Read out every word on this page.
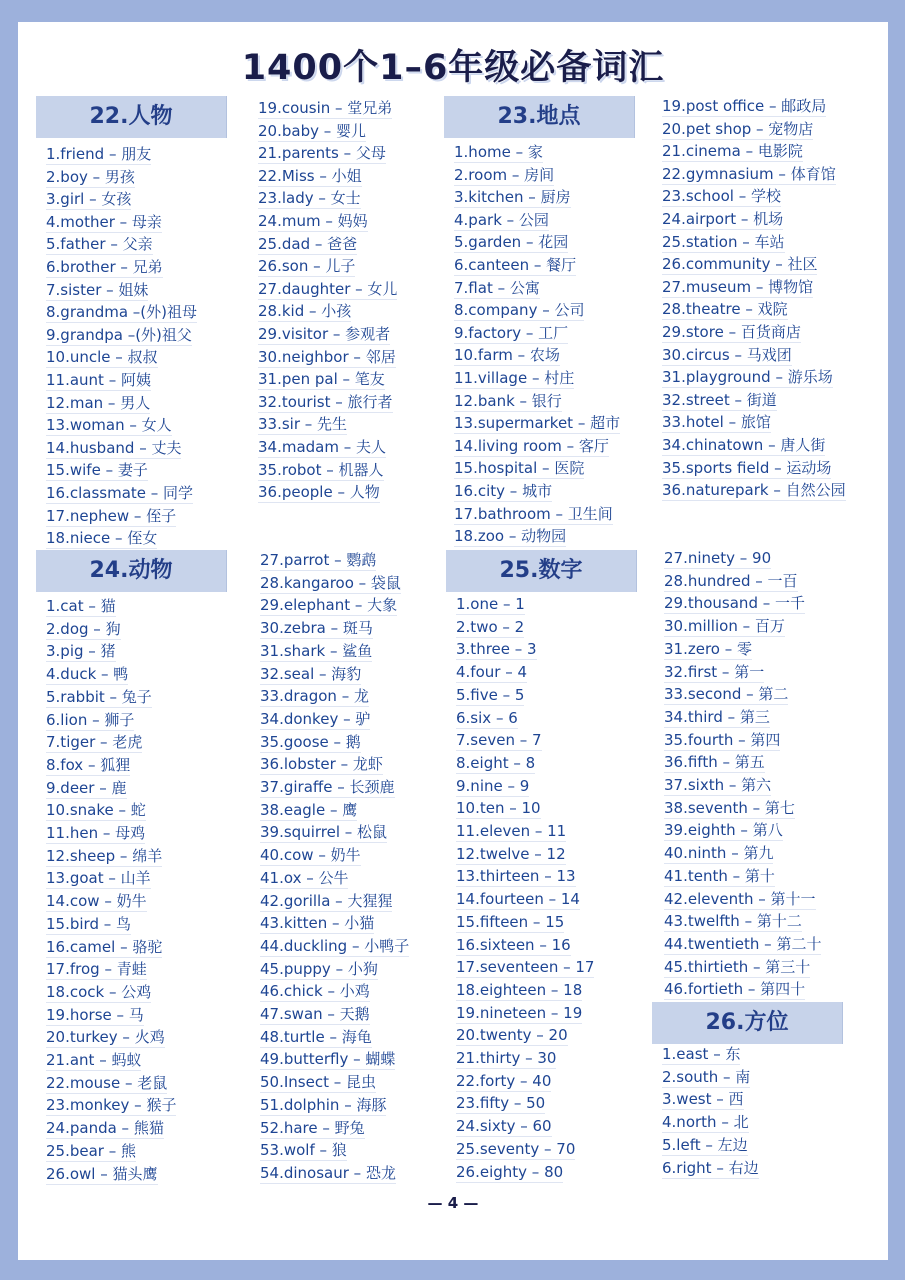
1400个1–6年级必备词汇
22.人物
1.friend – 朋友
2.boy – 男孩
3.girl – 女孩
4.mother – 母亲
5.father – 父亲
6.brother – 兄弟
7.sister – 姐妹
8.grandma –(外)祖母
9.grandpa –(外)祖父
10.uncle – 叔叔
11.aunt – 阿姨
12.man – 男人
13.woman – 女人
14.husband – 丈夫
15.wife – 妻子
16.classmate – 同学
17.nephew – 侄子
18.niece – 侄女
19.cousin – 堂兄弟
20.baby – 婴儿
21.parents – 父母
22.Miss – 小姐
23.lady – 女士
24.mum – 妈妈
25.dad – 爸爸
26.son – 儿子
27.daughter – 女儿
28.kid – 小孩
29.visitor – 参观者
30.neighbor – 邻居
31.pen pal – 笔友
32.tourist – 旅行者
33.sir – 先生
34.madam – 夫人
35.robot – 机器人
36.people – 人物
23.地点
1.home – 家
2.room – 房间
3.kitchen – 厨房
4.park – 公园
5.garden – 花园
6.canteen – 餐厅
7.flat – 公寓
8.company – 公司
9.factory – 工厂
10.farm – 农场
11.village – 村庄
12.bank – 银行
13.supermarket – 超市
14.living room – 客厅
15.hospital – 医院
16.city – 城市
17.bathroom – 卫生间
18.zoo – 动物园
19.post office – 邮政局
20.pet shop – 宠物店
21.cinema – 电影院
22.gymnasium – 体育馆
23.school – 学校
24.airport – 机场
25.station – 车站
26.community – 社区
27.museum – 博物馆
28.theatre – 戏院
29.store – 百货商店
30.circus – 马戏团
31.playground – 游乐场
32.street – 街道
33.hotel – 旅馆
34.chinatown – 唐人街
35.sports field – 运动场
36.naturepark – 自然公园
24.动物
1.cat – 猫
2.dog – 狗
3.pig – 猪
4.duck – 鸭
5.rabbit – 兔子
6.lion – 狮子
7.tiger – 老虎
8.fox – 狐狸
9.deer – 鹿
10.snake – 蛇
11.hen – 母鸡
12.sheep – 绵羊
13.goat – 山羊
14.cow – 奶牛
15.bird – 鸟
16.camel – 骆驼
17.frog – 青蛙
18.cock – 公鸡
19.horse – 马
20.turkey – 火鸡
21.ant – 蚂蚁
22.mouse – 老鼠
23.monkey – 猴子
24.panda – 熊猫
25.bear – 熊
26.owl – 猫头鹰
27.parrot – 鹦鹉
28.kangaroo – 袋鼠
29.elephant – 大象
30.zebra – 斑马
31.shark – 鲨鱼
32.seal – 海豹
33.dragon – 龙
34.donkey – 驴
35.goose – 鹅
36.lobster – 龙虾
37.giraffe – 长颈鹿
38.eagle – 鹰
39.squirrel – 松鼠
40.cow – 奶牛
41.ox – 公牛
42.gorilla – 大猩猩
43.kitten – 小猫
44.duckling – 小鸭子
45.puppy – 小狗
46.chick – 小鸡
47.swan – 天鹅
48.turtle – 海龟
49.butterfly – 蝴蝶
50.Insect – 昆虫
51.dolphin – 海豚
52.hare – 野兔
53.wolf – 狼
54.dinosaur – 恐龙
25.数字
1.one – 1
2.two – 2
3.three – 3
4.four – 4
5.five – 5
6.six – 6
7.seven – 7
8.eight – 8
9.nine – 9
10.ten – 10
11.eleven – 11
12.twelve – 12
13.thirteen – 13
14.fourteen – 14
15.fifteen – 15
16.sixteen – 16
17.seventeen – 17
18.eighteen – 18
19.nineteen – 19
20.twenty – 20
21.thirty – 30
22.forty – 40
23.fifty – 50
24.sixty – 60
25.seventy – 70
26.eighty – 80
27.ninety – 90
28.hundred – 一百
29.thousand – 一千
30.million – 百万
31.zero – 零
32.first – 第一
33.second – 第二
34.third – 第三
35.fourth – 第四
36.fifth – 第五
37.sixth – 第六
38.seventh – 第七
39.eighth – 第八
40.ninth – 第九
41.tenth – 第十
42.eleventh – 第十一
43.twelfth – 第十二
44.twentieth – 第二十
45.thirtieth – 第三十
46.fortieth – 第四十
26.方位
1.east – 东
2.south – 南
3.west – 西
4.north – 北
5.left – 左边
6.right – 右边
— 4 —
